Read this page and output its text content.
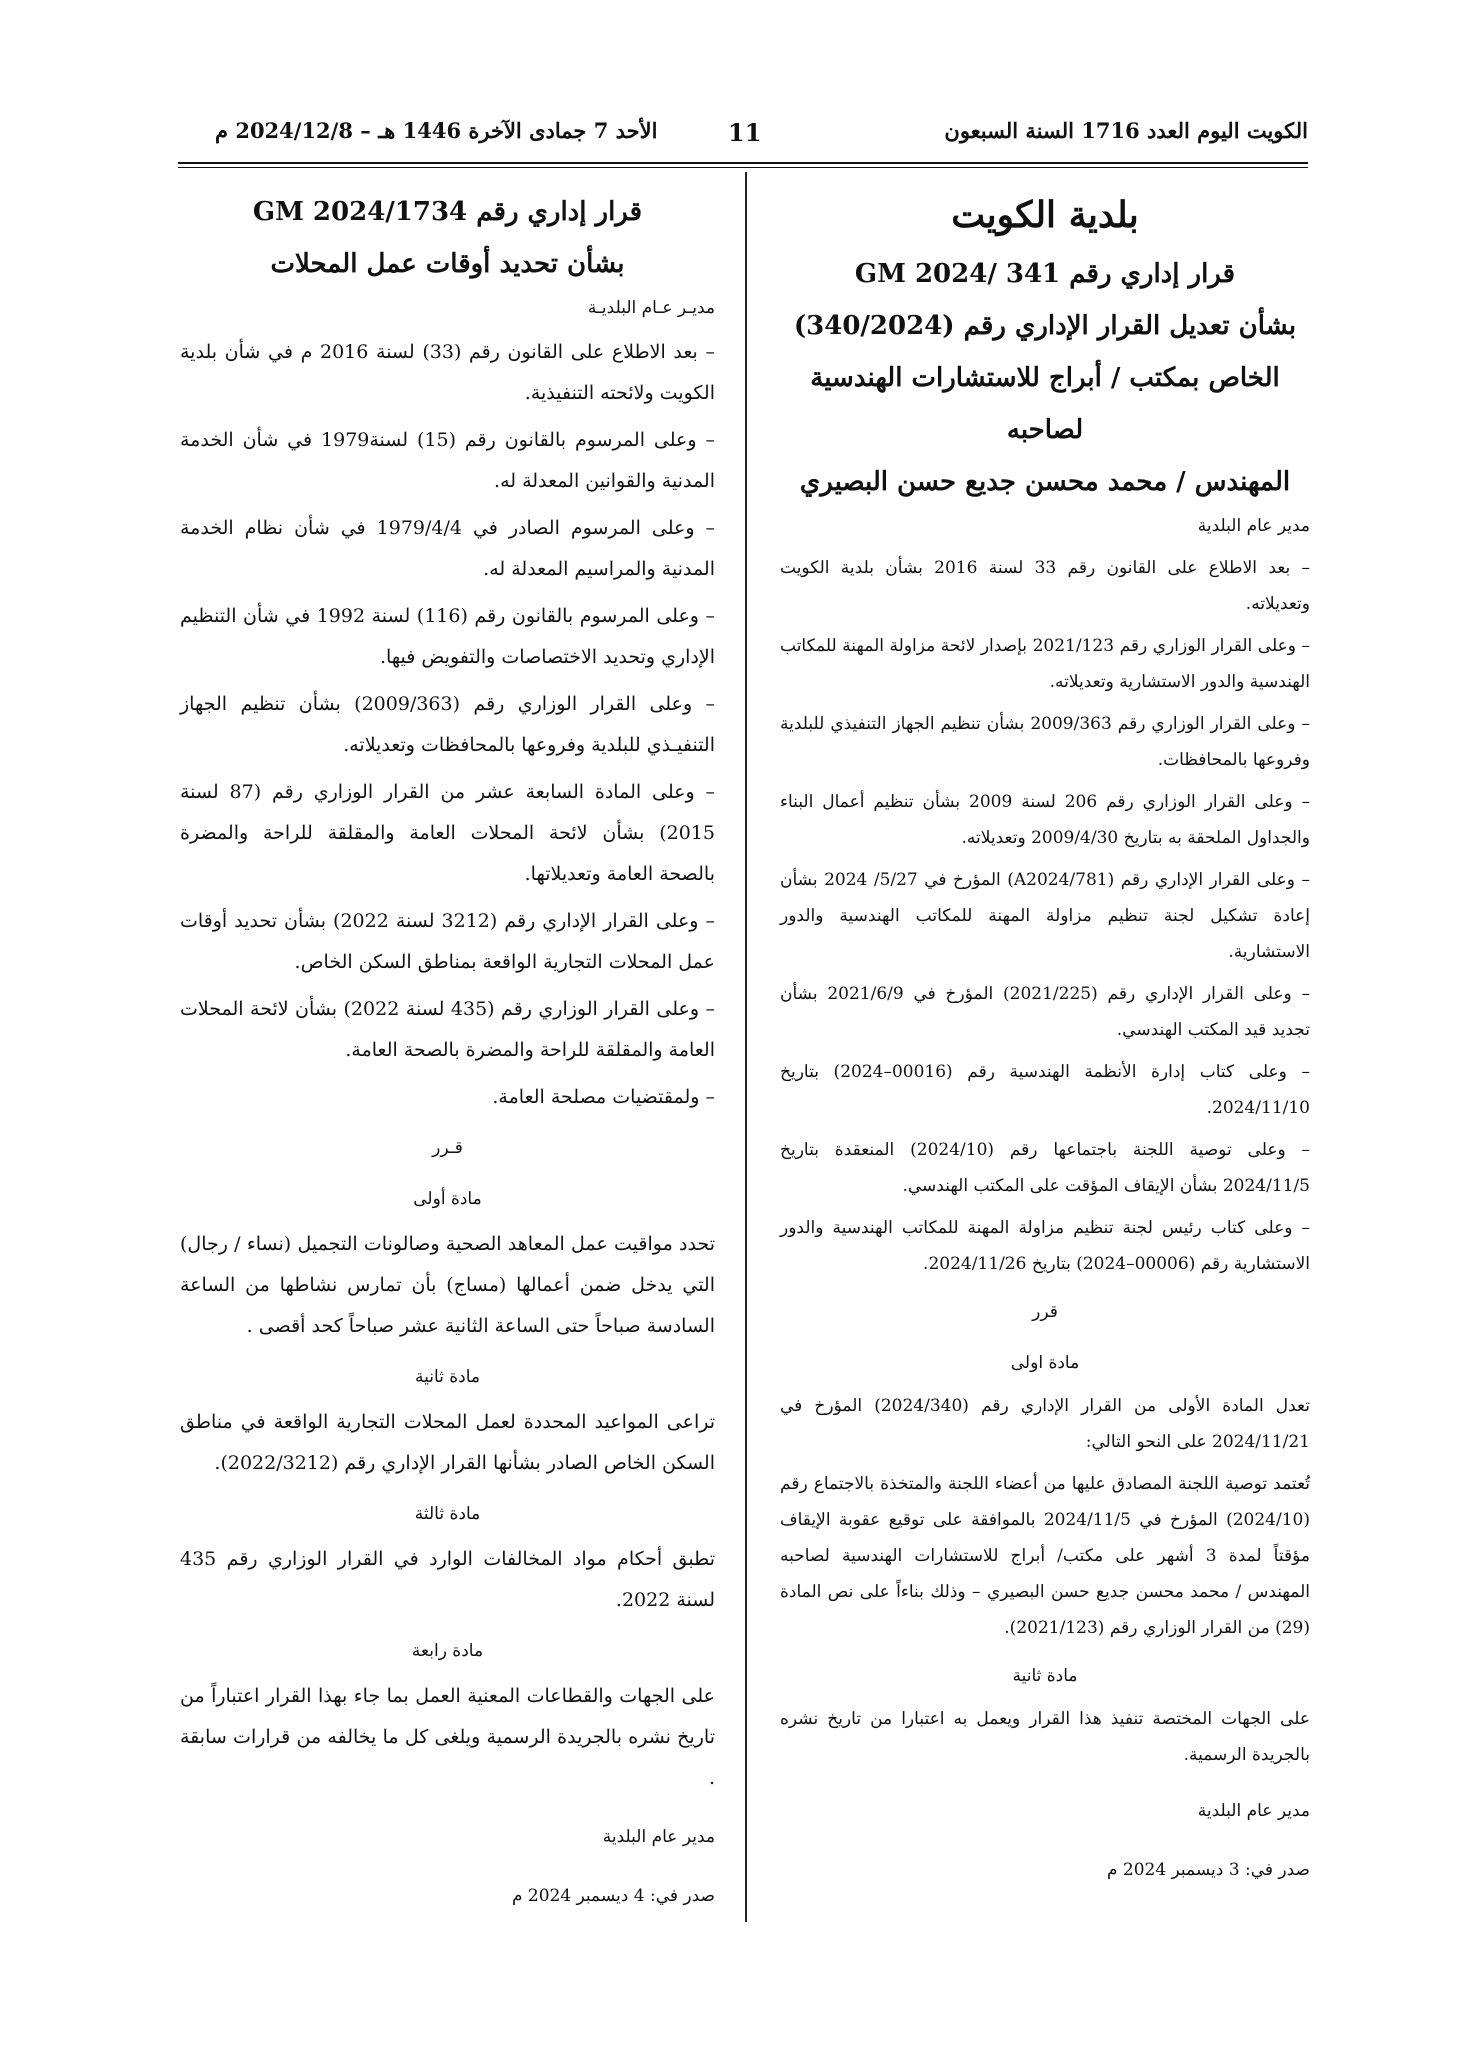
الكويت اليوم العدد 1716 السنة السبعون
11
الأحد 7 جمادى الآخرة 1446 هـ – 2024/12/8 م

بلدية الكويت

قرار إداري رقم 341 /2024 GM

بشأن تعديل القرار الإداري رقم (340/2024)

الخاص بمكتب / أبراج للاستشارات الهندسية لصاحبه

المهندس / محمد محسن جديع حسن البصيري

مدير عام البلدية

– بعد الاطلاع على القانون رقم 33 لسنة 2016 بشأن بلدية الكويت وتعديلاته.

– وعلى القرار الوزاري رقم 2021/123 بإصدار لائحة مزاولة المهنة للمكاتب الهندسية والدور الاستشارية وتعديلاته.

– وعلى القرار الوزاري رقم 2009/363 بشأن تنظيم الجهاز التنفيذي للبلدية وفروعها بالمحافظات.

– وعلى القرار الوزاري رقم 206 لسنة 2009 بشأن تنظيم أعمال البناء والجداول الملحقة به بتاريخ 2009/4/30 وتعديلاته.

– وعلى القرار الإداري رقم (A2024/781) المؤرخ في 5/27/ 2024 بشأن إعادة تشكيل لجنة تنظيم مزاولة المهنة للمكاتب الهندسية والدور الاستشارية.

– وعلى القرار الإداري رقم (2021/225) المؤرخ في 2021/6/9 بشأن تجديد قيد المكتب الهندسي.

– وعلى كتاب إدارة الأنظمة الهندسية رقم (00016–2024) بتاريخ 2024/11/10.

– وعلى توصية اللجنة باجتماعها رقم (2024/10) المنعقدة بتاريخ 2024/11/5 بشأن الإيقاف المؤقت على المكتب الهندسي.

– وعلى كتاب رئيس لجنة تنظيم مزاولة المهنة للمكاتب الهندسية والدور الاستشارية رقم (00006–2024) بتاريخ 2024/11/26.

قرر

مادة اولى

تعدل المادة الأولى من القرار الإداري رقم (2024/340) المؤرخ في 2024/11/21 على النحو التالي:

تُعتمد توصية اللجنة المصادق عليها من أعضاء اللجنة والمتخذة بالاجتماع رقم (2024/10) المؤرخ في 2024/11/5 بالموافقة على توقيع عقوبة الإيقاف مؤقتاً لمدة 3 أشهر على مكتب/ أبراج للاستشارات الهندسية لصاحبه المهندس / محمد محسن جديع حسن البصيري – وذلك بناءاً على نص المادة (29) من القرار الوزاري رقم (2021/123).

مادة ثانية

على الجهات المختصة تنفيذ هذا القرار ويعمل به اعتبارا من تاريخ نشره بالجريدة الرسمية.

مدير عام البلدية

صدر في: 3 ديسمبر 2024 م

قرار إداري رقم GM 2024/1734

بشأن تحديد أوقات عمل المحلات

مديـر عـام البلديـة

– بعد الاطلاع على القانون رقم (33) لسنة 2016 م في شأن بلدية الكويت ولائحته التنفيذية.

– وعلى المرسوم بالقانون رقم (15) لسنة1979 في شأن الخدمة المدنية والقوانين المعدلة له.

– وعلى المرسوم الصادر في 1979/4/4 في شأن نظام الخدمة المدنية والمراسيم المعدلة له.

– وعلى المرسوم بالقانون رقم (116) لسنة 1992 في شأن التنظيم الإداري وتحديد الاختصاصات والتفويض فيها.

– وعلى القرار الوزاري رقم (2009/363) بشأن تنظيم الجهاز التنفيـذي للبلدية وفروعها بالمحافظات وتعديلاته.

– وعلى المادة السابعة عشر من القرار الوزاري رقم (87 لسنة 2015) بشأن لائحة المحلات العامة والمقلقة للراحة والمضرة بالصحة العامة وتعديلاتها.

– وعلى القرار الإداري رقم (3212 لسنة 2022) بشأن تحديد أوقات عمل المحلات التجارية الواقعة بمناطق السكن الخاص.

– وعلى القرار الوزاري رقم (435 لسنة 2022) بشأن لائحة المحلات العامة والمقلقة للراحة والمضرة بالصحة العامة.

– ولمقتضيات مصلحة العامة.

قـرر

مادة أولى

تحدد مواقيت عمل المعاهد الصحية وصالونات التجميل (نساء / رجال) التي يدخل ضمن أعمالها (مساج) بأن تمارس نشاطها من الساعة السادسة صباحاً حتى الساعة الثانية عشر صباحاً كحد أقصى .

مادة ثانية

تراعى المواعيد المحددة لعمل المحلات التجارية الواقعة في مناطق السكن الخاص الصادر بشأنها القرار الإداري رقم (2022/3212).

مادة ثالثة

تطبق أحكام مواد المخالفات الوارد في القرار الوزاري رقم 435 لسنة 2022.

مادة رابعة

على الجهات والقطاعات المعنية العمل بما جاء بهذا القرار اعتباراً من تاريخ نشره بالجريدة الرسمية ويلغى كل ما يخالفه من قرارات سابقة .

مدير عام البلدية

صدر في: 4 ديسمبر 2024 م
